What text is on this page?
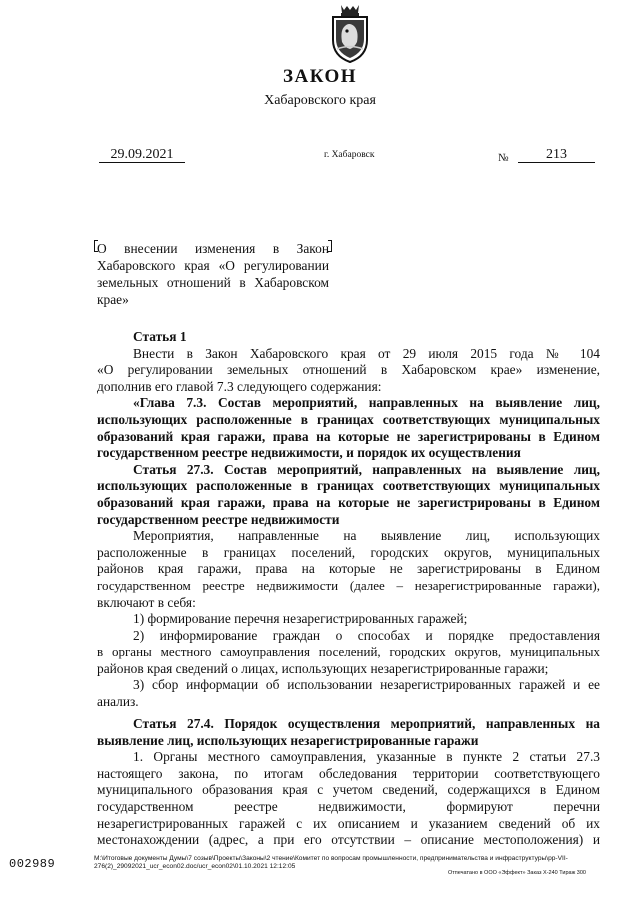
ЗАКОН
Хабаровского края
29.09.2021	г. Хабаровск	№	213
О внесении изменения в Закон
Хабаровского края «О регулировании
земельных отношений в Хабаровском
крае»
Статья 1
Внести в Закон Хабаровского края от 29 июля 2015 года № 104
«О регулировании земельных отношений в Хабаровском крае» изменение,
дополнив его главой 7.3 следующего содержания:
«Глава 7.3. Состав мероприятий, направленных на выявление лиц,
использующих расположенные в границах соответствующих муниципальных
образований края гаражи, права на которые не зарегистрированы в Едином
государственном реестре недвижимости, и порядок их осуществления
Статья 27.3. Состав мероприятий, направленных на выявление лиц,
использующих расположенные в границах соответствующих муниципальных
образований края гаражи, права на которые не зарегистрированы в Едином
государственном реестре недвижимости
Мероприятия, направленные на выявление лиц, использующих
расположенные в границах поселений, городских округов, муниципальных
районов края гаражи, права на которые не зарегистрированы в Едином
государственном реестре недвижимости (далее – незарегистрированные гаражи),
включают в себя:
1) формирование перечня незарегистрированных гаражей;
2) информирование граждан о способах и порядке предоставления
в органы местного самоуправления поселений, городских округов, муниципальных
районов края сведений о лицах, использующих незарегистрированные гаражи;
3) сбор информации об использовании незарегистрированных гаражей и ее
анализ.
Статья 27.4. Порядок осуществления мероприятий, направленных на
выявление лиц, использующих незарегистрированные гаражи
1. Органы местного самоуправления, указанные в пункте 2 статьи 27.3
настоящего закона, по итогам обследования территории соответствующего
муниципального образования края с учетом сведений, содержащихся в Едином
государственном реестре недвижимости, формируют перечни
незарегистрированных гаражей с их описанием и указанием сведений об их
местонахождении (адрес, а при его отсутствии – описание местоположения) и
002989	M:\Итоговые документы Думы\7 созыв\Проекты\Законы\2 чтение\Комитет по вопросам промышленности, предпринимательства и инфраструктуры\pp-VII-276(2)_29092021_ucr_econ02.doc/ucr_econ02\01.10.2021 12:12:05
Отпечатано в ООО «Эффект» Заказ Х-240 Тираж 300
